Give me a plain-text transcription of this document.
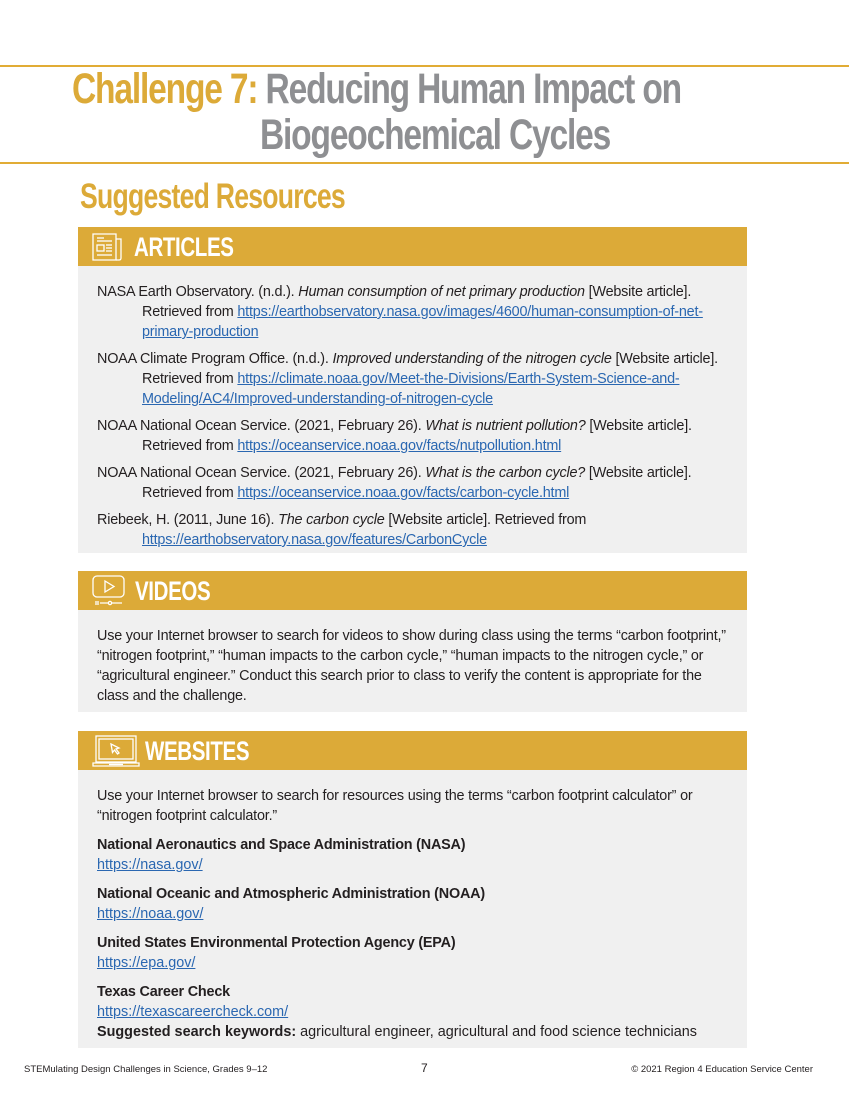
Challenge 7: Reducing Human Impact on
Biogeochemical Cycles
Suggested Resources
ARTICLES
NASA Earth Observatory. (n.d.). Human consumption of net primary production [Website article]. Retrieved from https://earthobservatory.nasa.gov/images/4600/human-consumption-of-net-primary-production
NOAA Climate Program Office. (n.d.). Improved understanding of the nitrogen cycle [Website article]. Retrieved from https://climate.noaa.gov/Meet-the-Divisions/Earth-System-Science-and-Modeling/AC4/Improved-understanding-of-nitrogen-cycle
NOAA National Ocean Service. (2021, February 26). What is nutrient pollution? [Website article]. Retrieved from https://oceanservice.noaa.gov/facts/nutpollution.html
NOAA National Ocean Service. (2021, February 26). What is the carbon cycle? [Website article]. Retrieved from https://oceanservice.noaa.gov/facts/carbon-cycle.html
Riebeek, H. (2011, June 16). The carbon cycle [Website article]. Retrieved from https://earthobservatory.nasa.gov/features/CarbonCycle
VIDEOS
Use your Internet browser to search for videos to show during class using the terms “carbon footprint,” “nitrogen footprint,” “human impacts to the carbon cycle,” “human impacts to the nitrogen cycle,” or “agricultural engineer.” Conduct this search prior to class to verify the content is appropriate for the class and the challenge.
WEBSITES
Use your Internet browser to search for resources using the terms “carbon footprint calculator” or “nitrogen footprint calculator.”
National Aeronautics and Space Administration (NASA)
https://nasa.gov/
National Oceanic and Atmospheric Administration (NOAA)
https://noaa.gov/
United States Environmental Protection Agency (EPA)
https://epa.gov/
Texas Career Check
https://texascareercheck.com/
Suggested search keywords: agricultural engineer, agricultural and food science technicians
STEMulating Design Challenges in Science, Grades 9–12	7	© 2021 Region 4 Education Service Center
